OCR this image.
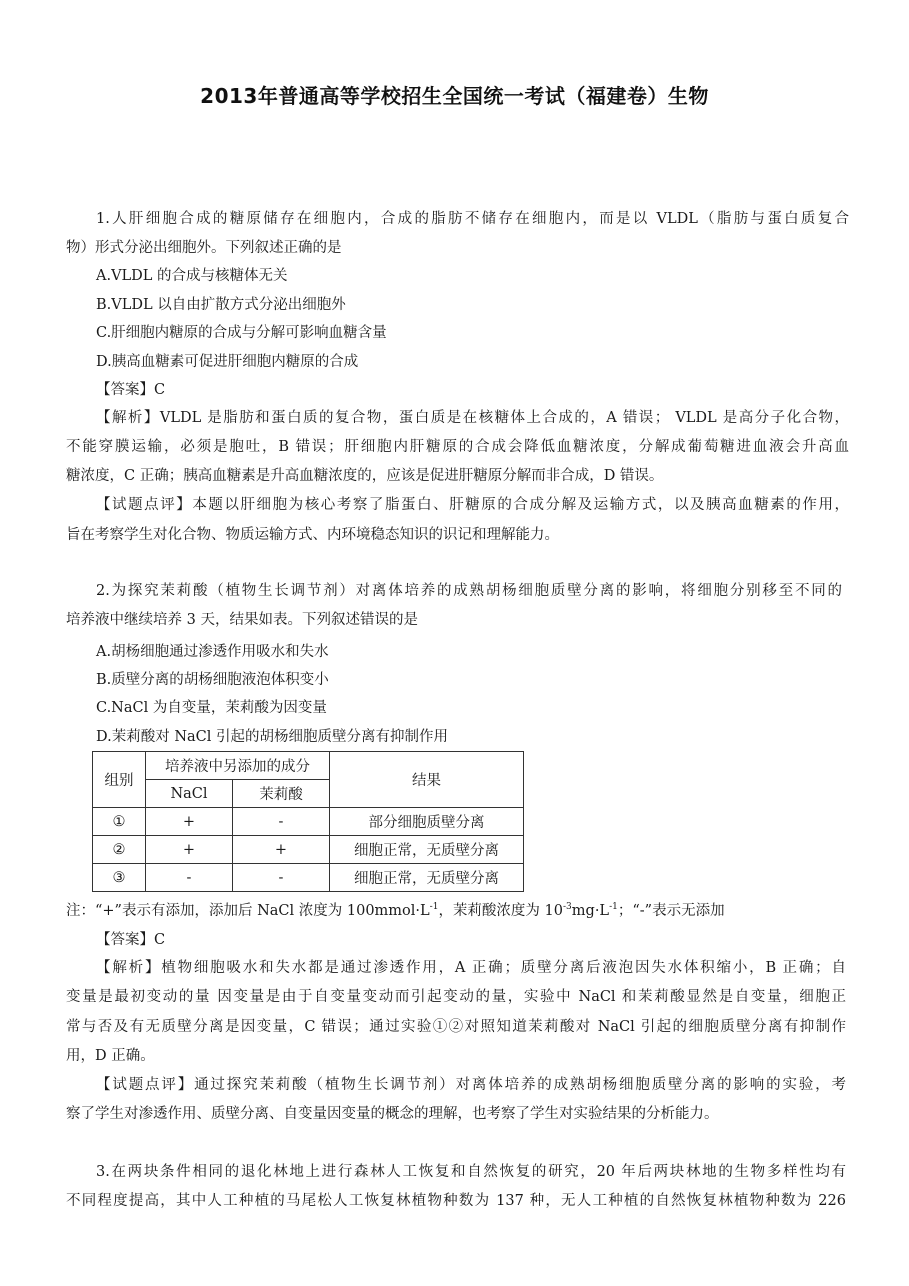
2013年普通高等学校招生全国统一考试（福建卷）生物
1.人肝细胞合成的糖原储存在细胞内，合成的脂肪不储存在细胞内，而是以 VLDL（脂肪与蛋白质复合
物）形式分泌出细胞外。下列叙述正确的是
A.VLDL 的合成与核糖体无关
B.VLDL 以自由扩散方式分泌出细胞外
C.肝细胞内糖原的合成与分解可影响血糖含量
D.胰高血糖素可促进肝细胞内糖原的合成
【答案】C
【解析】VLDL 是脂肪和蛋白质的复合物，蛋白质是在核糖体上合成的，A 错误； VLDL 是高分子化合物，
不能穿膜运输，必须是胞吐，B 错误；肝细胞内肝糖原的合成会降低血糖浓度，分解成葡萄糖进血液会升高血
糖浓度，C 正确；胰高血糖素是升高血糖浓度的，应该是促进肝糖原分解而非合成，D 错误。
【试题点评】本题以肝细胞为核心考察了脂蛋白、肝糖原的合成分解及运输方式，以及胰高血糖素的作用，
旨在考察学生对化合物、物质运输方式、内环境稳态知识的识记和理解能力。
2.为探究茉莉酸（植物生长调节剂）对离体培养的成熟胡杨细胞质壁分离的影响，将细胞分别移至不同的
培养液中继续培养 3 天，结果如表。下列叙述错误的是
A.胡杨细胞通过渗透作用吸水和失水
B.质壁分离的胡杨细胞液泡体积变小
C.NaCl 为自变量，茉莉酸为因变量
D.茉莉酸对 NaCl 引起的胡杨细胞质壁分离有抑制作用
组别	培养液中另添加的成分		结果
	NaCl	茉莉酸	
①	+	-	部分细胞质壁分离
②	+	+	细胞正常，无质壁分离
③	-	-	细胞正常，无质壁分离
注：“+”表示有添加，添加后 NaCl 浓度为 $100mmol\cdot L^{-1}$，茉莉酸浓度为 $10^{-3}mg\cdot L^{-1}$；“-”表示无添加
【答案】C
【解析】植物细胞吸水和失水都是通过渗透作用，A 正确；质壁分离后液泡因失水体积缩小，B 正确；自
变量是最初变动的量 因变量是由于自变量变动而引起变动的量，实验中 NaCl 和茉莉酸显然是自变量，细胞正
常与否及有无质壁分离是因变量，C 错误；通过实验①②对照知道茉莉酸对 NaCl 引起的细胞质壁分离有抑制作
用，D 正确。
【试题点评】通过探究茉莉酸（植物生长调节剂）对离体培养的成熟胡杨细胞质壁分离的影响的实验，考
察了学生对渗透作用、质壁分离、自变量因变量的概念的理解，也考察了学生对实验结果的分析能力。
3.在两块条件相同的退化林地上进行森林人工恢复和自然恢复的研究，20 年后两块林地的生物多样性均有
不同程度提高，其中人工种植的马尾松人工恢复林植物种数为 137 种，无人工种植的自然恢复林植物种数为 226
